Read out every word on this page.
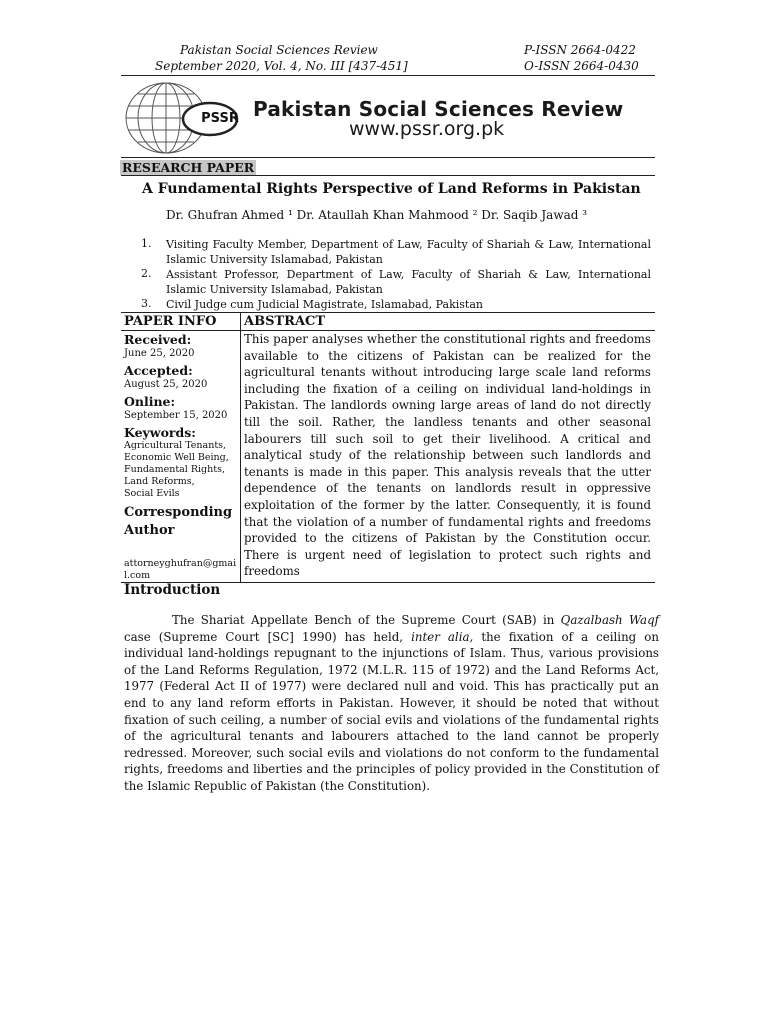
Pakistan Social Sciences Review
September 2020, Vol. 4, No. III [437-451]
P-ISSN 2664-0422
O-ISSN 2664-0430
PSSR Pakistan Social Sciences Review
www.pssr.org.pk
RESEARCH PAPER
A Fundamental Rights Perspective of Land Reforms in Pakistan
Dr. Ghufran Ahmed ¹ Dr. Ataullah Khan Mahmood ² Dr. Saqib Jawad ³
1. Visiting Faculty Member, Department of Law, Faculty of Shariah & Law, International Islamic University Islamabad, Pakistan
2. Assistant Professor, Department of Law, Faculty of Shariah & Law, International Islamic University Islamabad, Pakistan
3. Civil Judge cum Judicial Magistrate, Islamabad, Pakistan
PAPER INFO ABSTRACT
Received:
June 25, 2020
Accepted:
August 25, 2020
Online:
September 15, 2020
Keywords:
Agricultural Tenants,
Economic Well Being,
Fundamental Rights,
Land Reforms,
Social Evils
Corresponding
Author
attorneyghufran@gmai
l.com
This paper analyses whether the constitutional rights and freedoms available to the citizens of Pakistan can be realized for the agricultural tenants without introducing large scale land reforms including the fixation of a ceiling on individual land-holdings in Pakistan. The landlords owning large areas of land do not directly till the soil. Rather, the landless tenants and other seasonal labourers till such soil to get their livelihood. A critical and analytical study of the relationship between such landlords and tenants is made in this paper. This analysis reveals that the utter dependence of the tenants on landlords result in oppressive exploitation of the former by the latter. Consequently, it is found that the violation of a number of fundamental rights and freedoms provided to the citizens of Pakistan by the Constitution occur. There is urgent need of legislation to protect such rights and freedoms
Introduction
The Shariat Appellate Bench of the Supreme Court (SAB) in Qazalbash Waqf case (Supreme Court [SC] 1990) has held, inter alia, the fixation of a ceiling on individual land-holdings repugnant to the injunctions of Islam. Thus, various provisions of the Land Reforms Regulation, 1972 (M.L.R. 115 of 1972) and the Land Reforms Act, 1977 (Federal Act II of 1977) were declared null and void. This has practically put an end to any land reform efforts in Pakistan. However, it should be noted that without fixation of such ceiling, a number of social evils and violations of the fundamental rights of the agricultural tenants and labourers attached to the land cannot be properly redressed. Moreover, such social evils and violations do not conform to the fundamental rights, freedoms and liberties and the principles of policy provided in the Constitution of the Islamic Republic of Pakistan (the Constitution).
